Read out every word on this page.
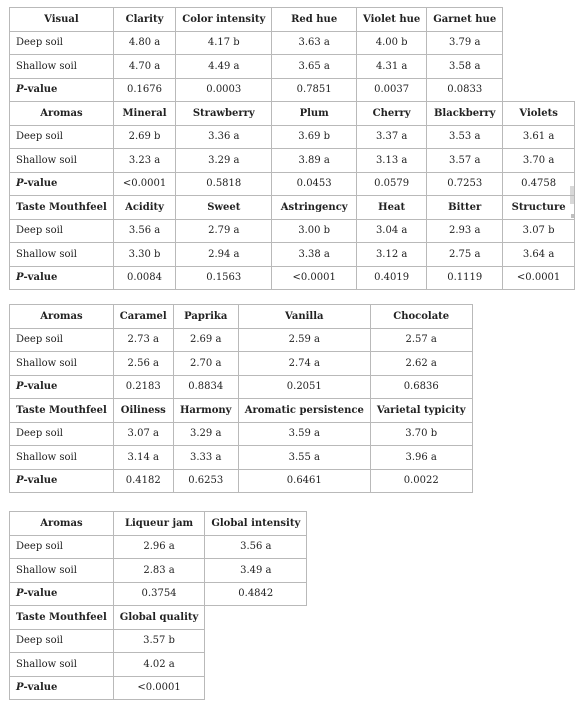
Visual	Clarity	Color intensity	Red hue	Violet hue	Garnet hue	
Deep soil	4.80 a	4.17 b	3.63 a	4.00 b	3.79 a	
Shallow soil	4.70 a	4.49 a	3.65 a	4.31 a	3.58 a	
P-value	0.1676	0.0003	0.7851	0.0037	0.0833	
Aromas	Mineral	Strawberry	Plum	Cherry	Blackberry	Violets
Deep soil	2.69 b	3.36 a	3.69 b	3.37 a	3.53 a	3.61 a
Shallow soil	3.23 a	3.29 a	3.89 a	3.13 a	3.57 a	3.70 a
P-value	<0.0001	0.5818	0.0453	0.0579	0.7253	0.4758
Taste Mouthfeel	Acidity	Sweet	Astringency	Heat	Bitter	Structure
Deep soil	3.56 a	2.79 a	3.00 b	3.04 a	2.93 a	3.07 b
Shallow soil	3.30 b	2.94 a	3.38 a	3.12 a	2.75 a	3.64 a
P-value	0.0084	0.1563	<0.0001	0.4019	0.1119	<0.0001
Aromas	Caramel	Paprika	Vanilla	Chocolate
Deep soil	2.73 a	2.69 a	2.59 a	2.57 a
Shallow soil	2.56 a	2.70 a	2.74 a	2.62 a
P-value	0.2183	0.8834	0.2051	0.6836
Taste Mouthfeel	Oiliness	Harmony	Aromatic persistence	Varietal typicity
Deep soil	3.07 a	3.29 a	3.59 a	3.70 b
Shallow soil	3.14 a	3.33 a	3.55 a	3.96 a
P-value	0.4182	0.6253	0.6461	0.0022
Aromas	Liqueur jam	Global intensity
Deep soil	2.96 a	3.56 a
Shallow soil	2.83 a	3.49 a
P-value	0.3754	0.4842
Taste Mouthfeel	Global quality	
Deep soil	3.57 b	
Shallow soil	4.02 a	
P-value	<0.0001	
